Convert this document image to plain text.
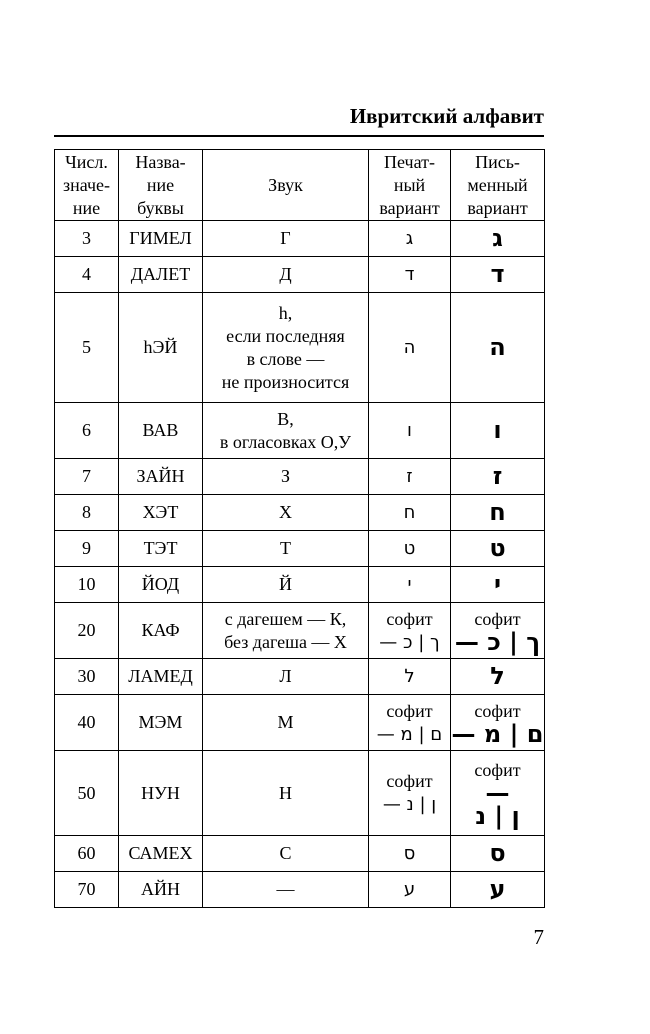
Ивритский алфавит
Числ.
значе-
ние	Назва-
ние
буквы	Звук	Печат-
ный
вариант	Пись-
менный
вариант

3	ГИМЕЛ	Г	ג	ג

4	ДАЛЕТ	Д	ד	ד

5	hЭЙ	h,
если последняя
в слове —
не произносится	ה	ה

6	ВАВ	В,
в огласовках О,У	ו	ו

7	ЗАЙН	З	ז	ז

8	ХЭТ	Х	ח	ח

9	ТЭТ	Т	ט	ט

10	ЙОД	Й	י	י

20	КАФ	с дагешем — К,
без дагеша — Х	софит
— ך | כ	софит
— ך | כ

30	ЛАМЕД	Л	ל	ל

40	МЭМ	М	софит
— ם | מ	софит
— ם | מ

50	НУН	Н	софит
— ן | נ	софит
—
ן | נ

60	САМЕХ	С	ס	ס

70	АЙН	—	ע	ע
7
